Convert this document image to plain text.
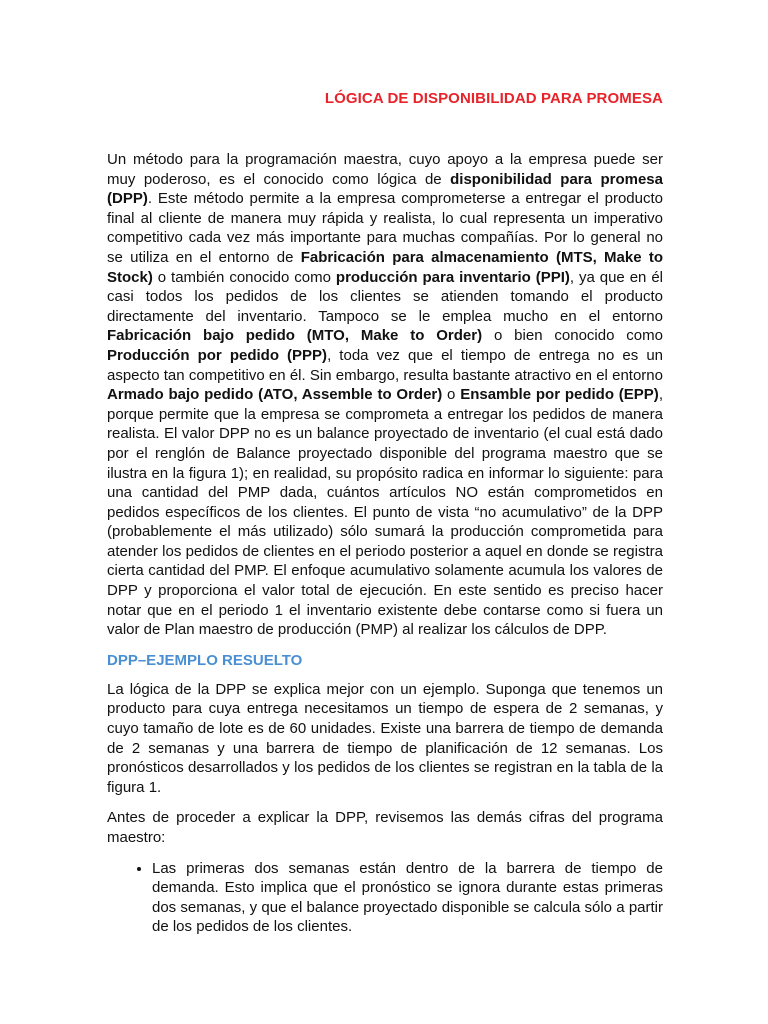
LÓGICA DE DISPONIBILIDAD PARA PROMESA

Un método para la programación maestra, cuyo apoyo a la empresa puede ser muy poderoso, es el conocido como lógica de disponibilidad para promesa (DPP). Este método permite a la empresa comprometerse a entregar el producto final al cliente de manera muy rápida y realista, lo cual representa un imperativo competitivo cada vez más importante para muchas compañías. Por lo general no se utiliza en el entorno de Fabricación para almacenamiento (MTS, Make to Stock) o también conocido como producción para inventario (PPI), ya que en él casi todos los pedidos de los clientes se atienden tomando el producto directamente del inventario. Tampoco se le emplea mucho en el entorno Fabricación bajo pedido (MTO, Make to Order) o bien conocido como Producción por pedido (PPP), toda vez que el tiempo de entrega no es un aspecto tan competitivo en él. Sin embargo, resulta bastante atractivo en el entorno Armado bajo pedido (ATO, Assemble to Order) o Ensamble por pedido (EPP), porque permite que la empresa se comprometa a entregar los pedidos de manera realista. El valor DPP no es un balance proyectado de inventario (el cual está dado por el renglón de Balance proyectado disponible del programa maestro que se ilustra en la figura 1); en realidad, su propósito radica en informar lo siguiente: para una cantidad del PMP dada, cuántos artículos NO están comprometidos en pedidos específicos de los clientes. El punto de vista “no acumulativo” de la DPP (probablemente el más utilizado) sólo sumará la producción comprometida para atender los pedidos de clientes en el periodo posterior a aquel en donde se registra cierta cantidad del PMP. El enfoque acumulativo solamente acumula los valores de DPP y proporciona el valor total de ejecución. En este sentido es preciso hacer notar que en el periodo 1 el inventario existente debe contarse como si fuera un valor de Plan maestro de producción (PMP) al realizar los cálculos de DPP.

DPP–EJEMPLO RESUELTO

La lógica de la DPP se explica mejor con un ejemplo. Suponga que tenemos un producto para cuya entrega necesitamos un tiempo de espera de 2 semanas, y cuyo tamaño de lote es de 60 unidades. Existe una barrera de tiempo de demanda de 2 semanas y una barrera de tiempo de planificación de 12 semanas. Los pronósticos desarrollados y los pedidos de los clientes se registran en la tabla de la figura 1.

Antes de proceder a explicar la DPP, revisemos las demás cifras del programa maestro:

• Las primeras dos semanas están dentro de la barrera de tiempo de demanda. Esto implica que el pronóstico se ignora durante estas primeras dos semanas, y que el balance proyectado disponible se calcula sólo a partir de los pedidos de los clientes.
